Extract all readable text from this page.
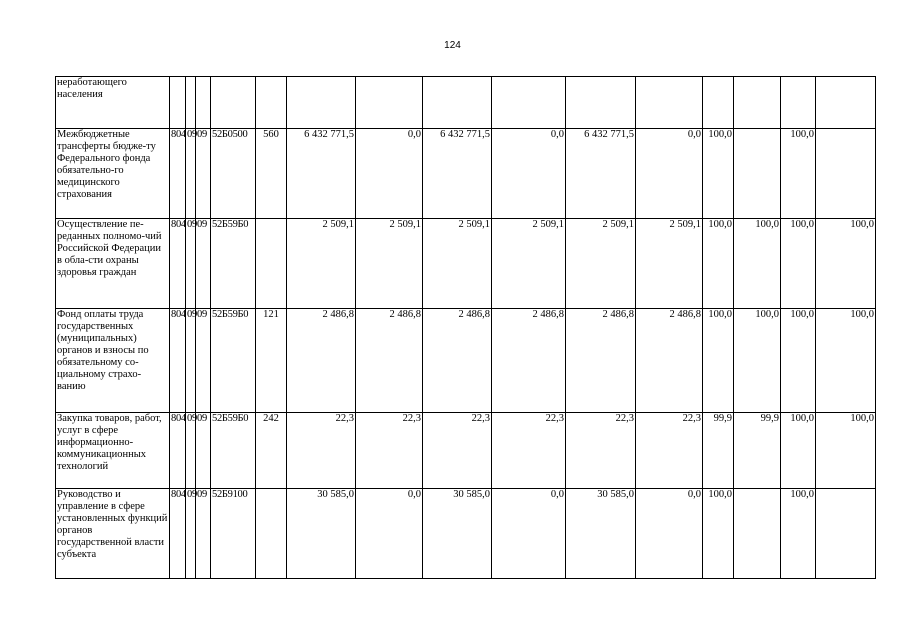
124
неработающего населения															
Межбюджетные трансферты бюдже-ту Федерального фонда обязательно-го медицинского страхования	804	09	09	52Б0500	560	6 432 771,5	0,0	6 432 771,5	0,0	6 432 771,5	0,0	100,0		100,0	
Осуществление пе-реданных полномо-чий Российской Федерации в обла-сти охраны здоровья граждан	804	09	09	52Б59Б0		2 509,1	2 509,1	2 509,1	2 509,1	2 509,1	2 509,1	100,0	100,0	100,0	100,0
Фонд оплаты труда государственных (муниципальных) органов и взносы по обязательному со-циальному страхо-ванию	804	09	09	52Б59Б0	121	2 486,8	2 486,8	2 486,8	2 486,8	2 486,8	2 486,8	100,0	100,0	100,0	100,0
Закупка товаров, работ, услуг в сфере информационно-коммуникационных технологий	804	09	09	52Б59Б0	242	22,3	22,3	22,3	22,3	22,3	22,3	99,9	99,9	100,0	100,0
Руководство и управление в сфере установленных функций органов государственной власти субъекта	804	09	09	52Б9100		30 585,0	0,0	30 585,0	0,0	30 585,0	0,0	100,0		100,0	
